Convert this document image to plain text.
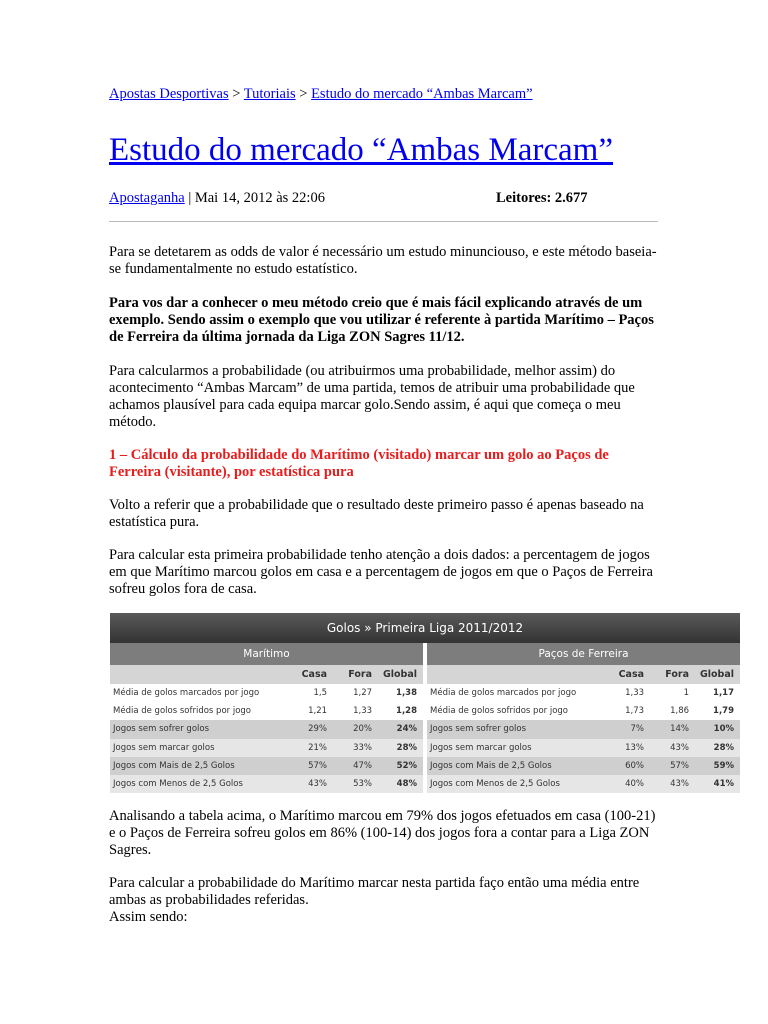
Apostas Desportivas > Tutoriais > Estudo do mercado “Ambas Marcam”
Estudo do mercado “Ambas Marcam”
Apostaganha | Mai 14, 2012 às 22:06	Leitores: 2.677

Para se detetarem as odds de valor é necessário um estudo minunciouso, e este método baseia-se fundamentalmente no estudo estatístico.

Para vos dar a conhecer o meu método creio que é mais fácil explicando através de um exemplo. Sendo assim o exemplo que vou utilizar é referente à partida Marítimo – Paços de Ferreira da última jornada da Liga ZON Sagres 11/12.

Para calcularmos a probabilidade (ou atribuirmos uma probabilidade, melhor assim) do acontecimento “Ambas Marcam” de uma partida, temos de atribuir uma probabilidade que achamos plausível para cada equipa marcar golo.Sendo assim, é aqui que começa o meu método.

1 – Cálculo da probabilidade do Marítimo (visitado) marcar um golo ao Paços de Ferreira (visitante), por estatística pura

Volto a referir que a probabilidade que o resultado deste primeiro passo é apenas baseado na estatística pura.

Para calcular esta primeira probabilidade tenho atenção a dois dados: a percentagem de jogos em que Marítimo marcou golos em casa e a percentagem de jogos em que o Paços de Ferreira sofreu golos fora de casa.

Golos » Primeira Liga 2011/2012
Marítimo
Casa	Fora	Global
Média de golos marcados por jogo	1,5	1,27	1,38
Média de golos sofridos por jogo	1,21	1,33	1,28
Jogos sem sofrer golos	29%	20%	24%
Jogos sem marcar golos	21%	33%	28%
Jogos com Mais de 2,5 Golos	57%	47%	52%
Jogos com Menos de 2,5 Golos	43%	53%	48%
Paços de Ferreira
Casa	Fora	Global
Média de golos marcados por jogo	1,33	1	1,17
Média de golos sofridos por jogo	1,73	1,86	1,79
Jogos sem sofrer golos	7%	14%	10%
Jogos sem marcar golos	13%	43%	28%
Jogos com Mais de 2,5 Golos	60%	57%	59%
Jogos com Menos de 2,5 Golos	40%	43%	41%

Analisando a tabela acima, o Marítimo marcou em 79% dos jogos efetuados em casa (100-21) e o Paços de Ferreira sofreu golos em 86% (100-14) dos jogos fora a contar para a Liga ZON Sagres.

Para calcular a probabilidade do Marítimo marcar nesta partida faço então uma média entre ambas as probabilidades referidas.

Assim sendo:
